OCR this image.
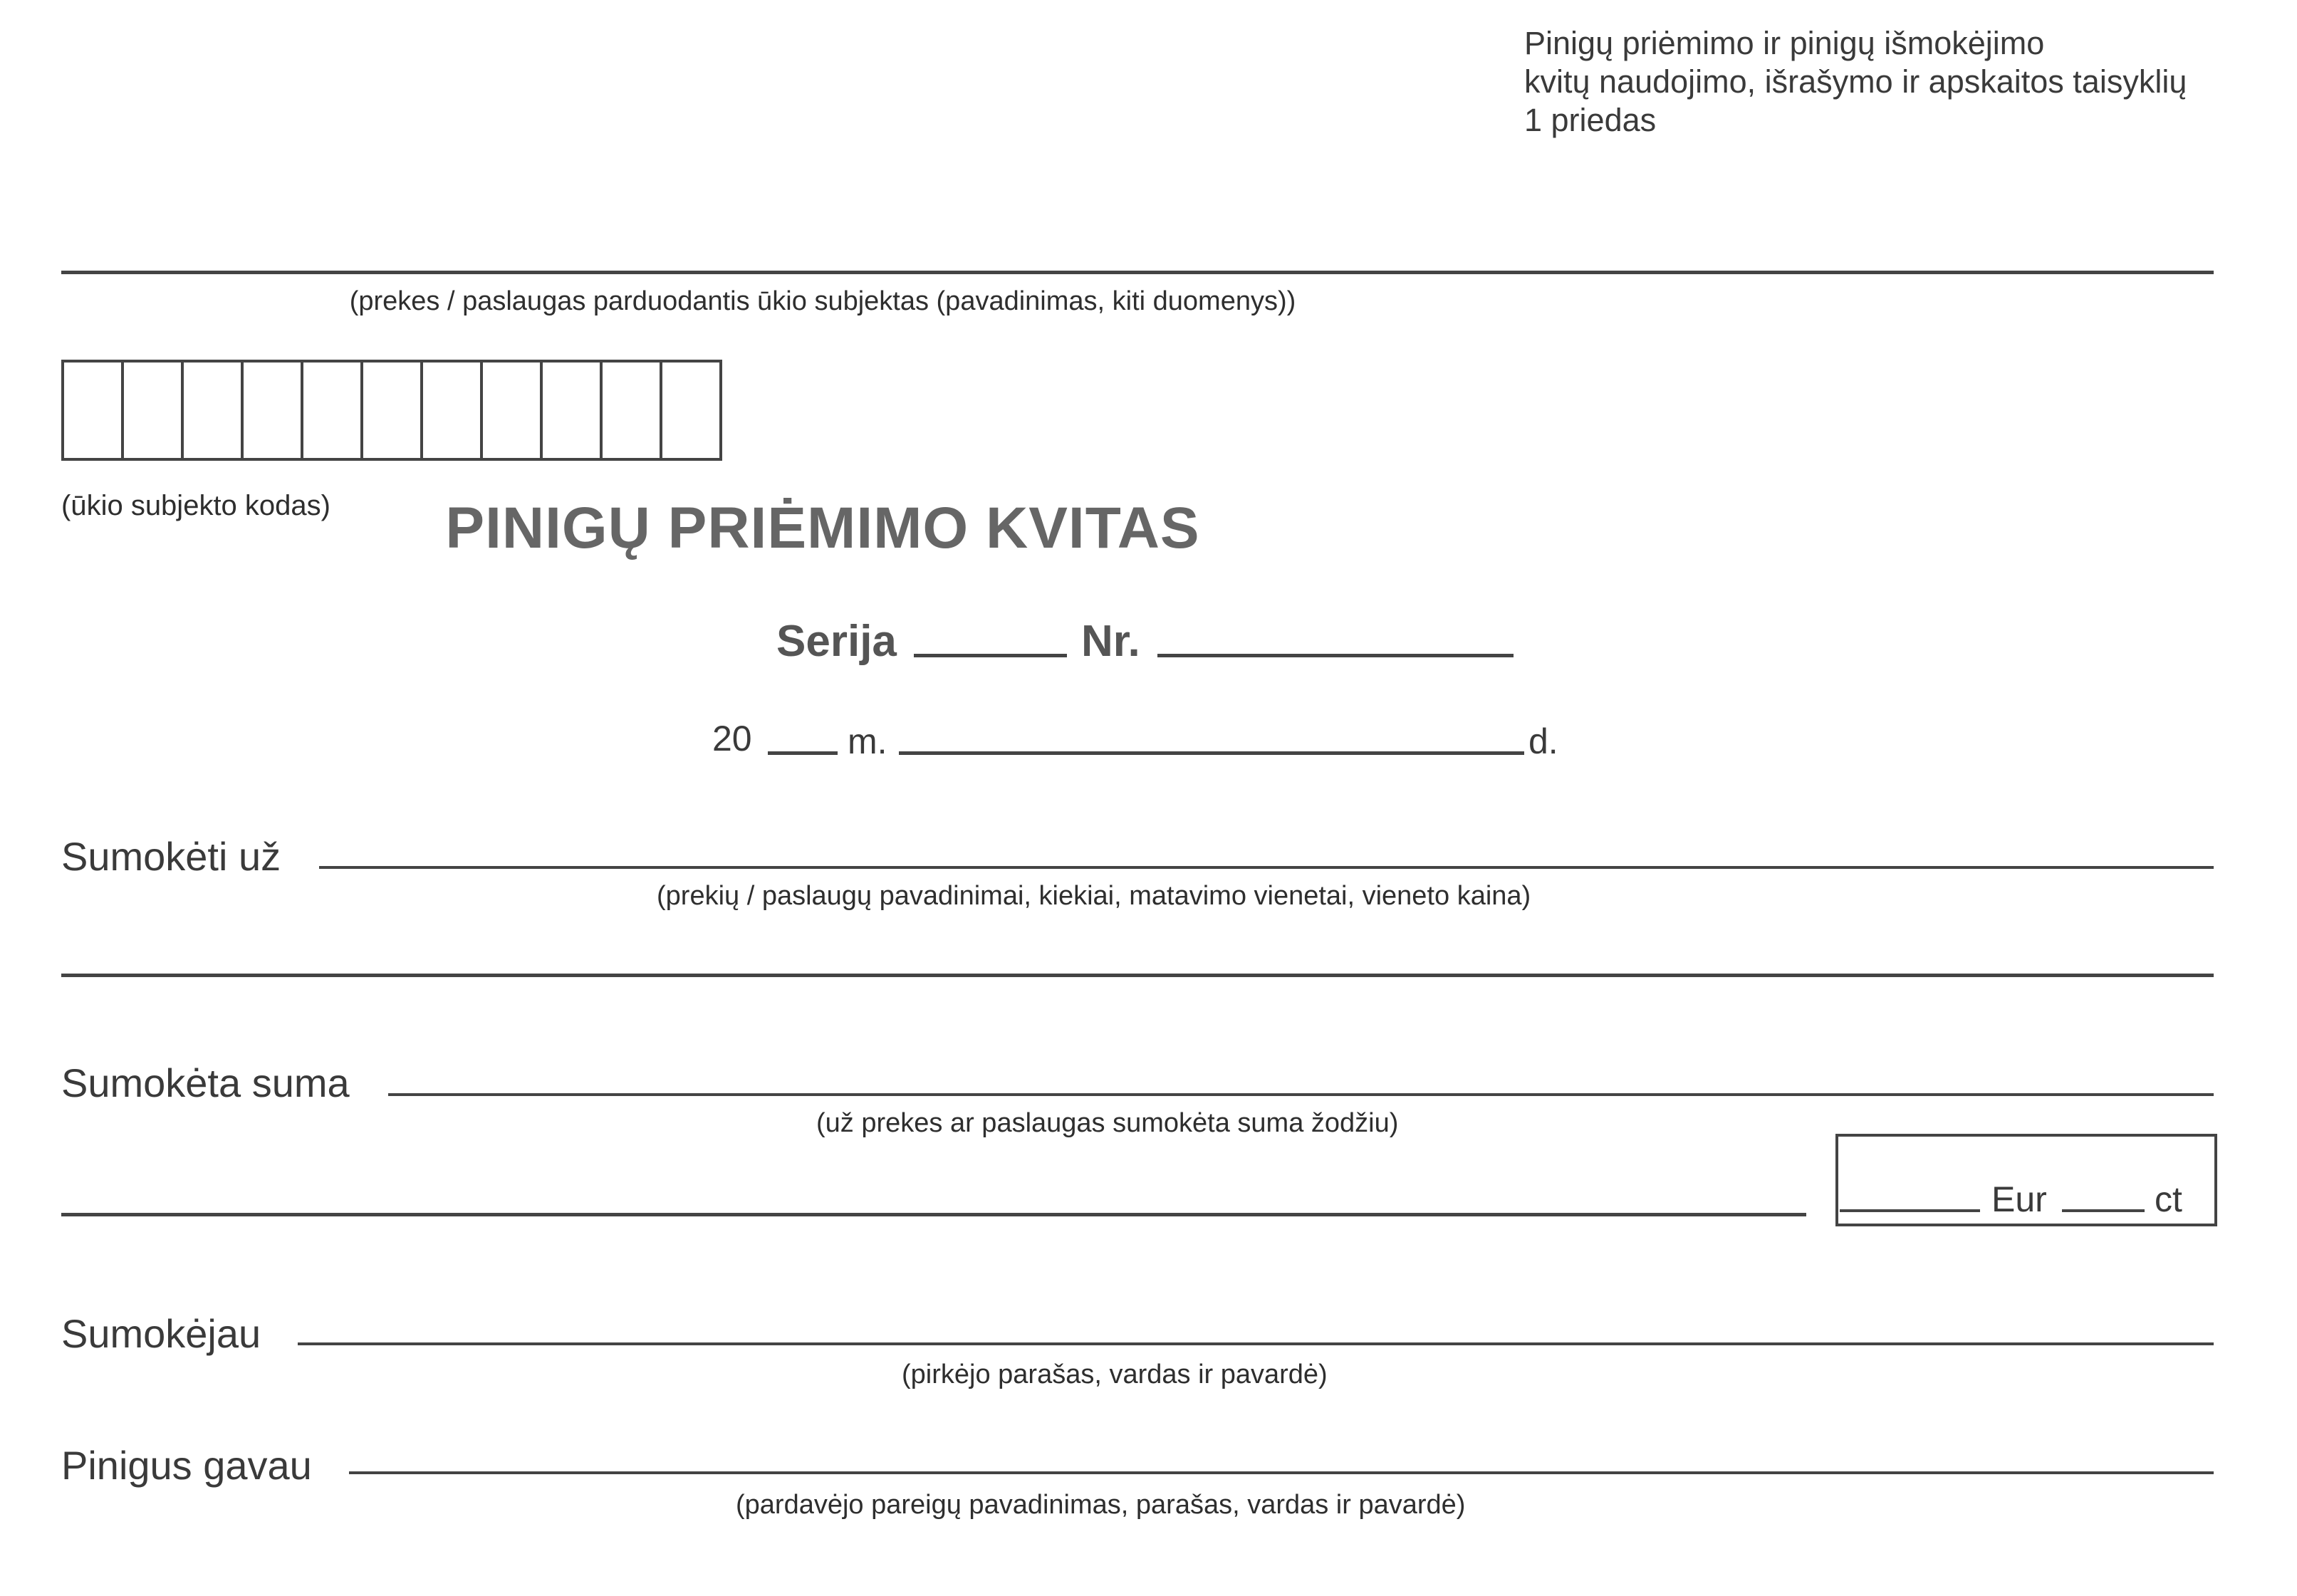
Pinigų priėmimo ir pinigų išmokėjimo
kvitų naudojimo, išrašymo ir apskaitos taisyklių
1 priedas
(prekes / paslaugas parduodantis ūkio subjektas (pavadinimas, kiti duomenys))
(ūkio subjekto kodas)	PINIGŲ PRIĖMIMO KVITAS
Serija	Nr.
20	m.	d.
Sumokėti už
(prekių / paslaugų pavadinimai, kiekiai, matavimo vienetai, vieneto kaina)
Sumokėta suma
(už prekes ar paslaugas sumokėta suma žodžiu)
Eur	ct
Sumokėjau
(pirkėjo parašas, vardas ir pavardė)
Pinigus gavau
(pardavėjo pareigų pavadinimas, parašas, vardas ir pavardė)
